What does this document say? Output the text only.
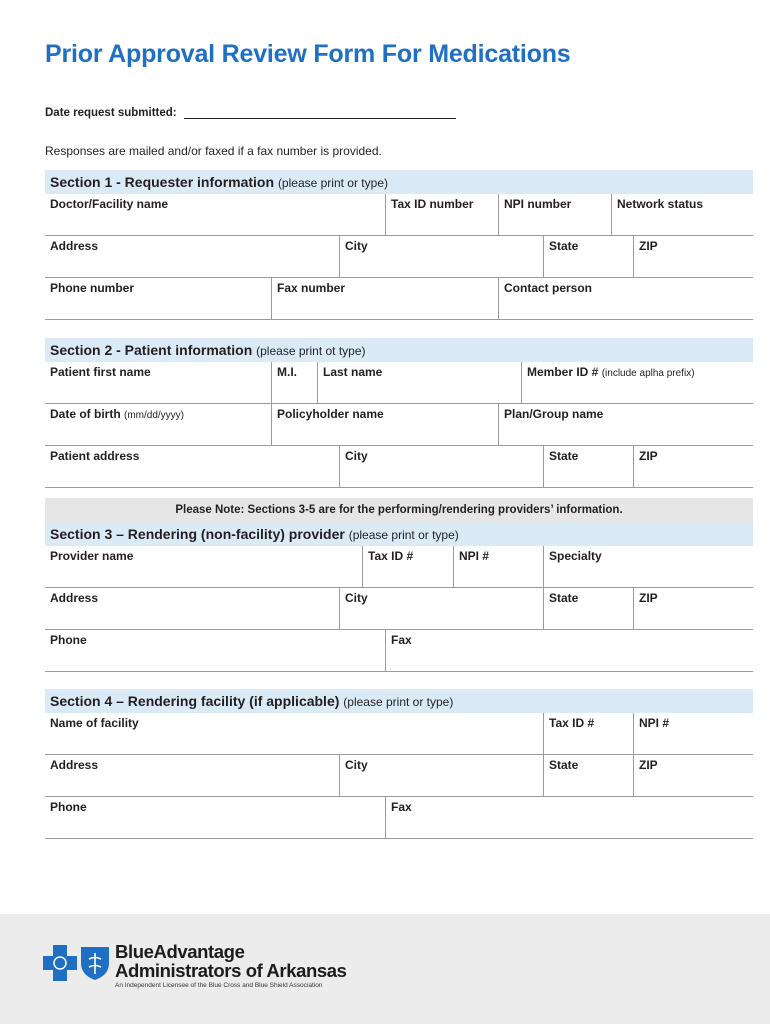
Prior Approval Review Form For Medications
Date request submitted:
Responses are mailed and/or faxed if a fax number is provided.
Section 1 - Requester information (please print or type)
Doctor/Facility name	Tax ID number	NPI number	Network status
Address	City	State	ZIP
Phone number	Fax number	Contact person
Section 2 - Patient information (please print ot type)
Patient first name	M.I.	Last name	Member ID # (include aplha prefix)
Date of birth (mm/dd/yyyy)	Policyholder name	Plan/Group name
Patient address	City	State	ZIP
Please Note: Sections 3-5 are for the performing/rendering providers’ information.
Section 3 – Rendering (non-facility) provider (please print or type)
Provider name	Tax ID #	NPI #	Specialty
Address	City	State	ZIP
Phone	Fax
Section 4 – Rendering facility (if applicable) (please print or type)
Name of facility	Tax ID #	NPI #
Address	City	State	ZIP
Phone	Fax
BlueAdvantage
Administrators of Arkansas
An Independent Licensee of the Blue Cross and Blue Shield Association
